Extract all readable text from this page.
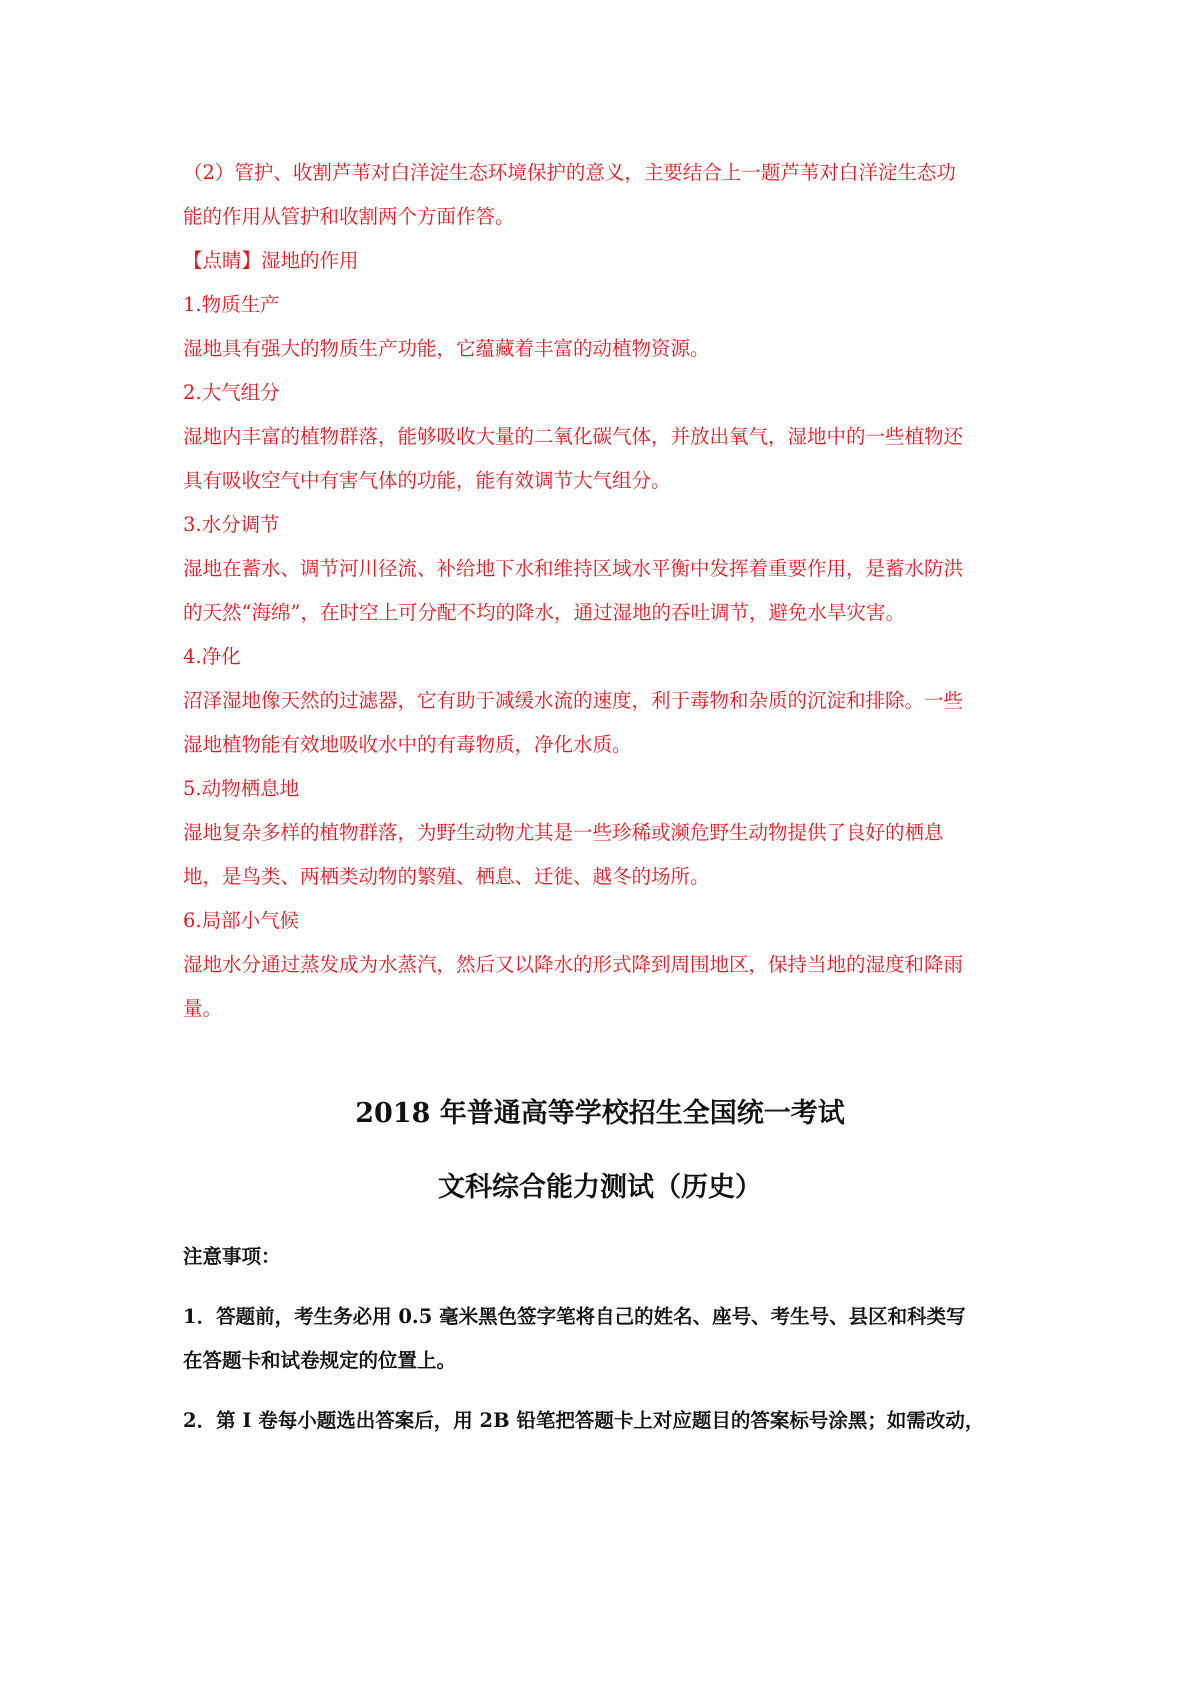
（2）管护、收割芦苇对白洋淀生态环境保护的意义，主要结合上一题芦苇对白洋淀生态功
能的作用从管护和收割两个方面作答。
【点睛】湿地的作用
1.物质生产
湿地具有强大的物质生产功能，它蕴藏着丰富的动植物资源。
2.大气组分
湿地内丰富的植物群落，能够吸收大量的二氧化碳气体，并放出氧气，湿地中的一些植物还
具有吸收空气中有害气体的功能，能有效调节大气组分。
3.水分调节
湿地在蓄水、调节河川径流、补给地下水和维持区域水平衡中发挥着重要作用，是蓄水防洪
的天然“海绵”，在时空上可分配不均的降水，通过湿地的吞吐调节，避免水旱灾害。
4.净化
沼泽湿地像天然的过滤器，它有助于减缓水流的速度，利于毒物和杂质的沉淀和排除。一些
湿地植物能有效地吸收水中的有毒物质，净化水质。
5.动物栖息地
湿地复杂多样的植物群落，为野生动物尤其是一些珍稀或濒危野生动物提供了良好的栖息
地，是鸟类、两栖类动物的繁殖、栖息、迁徙、越冬的场所。
6.局部小气候
湿地水分通过蒸发成为水蒸汽，然后又以降水的形式降到周围地区，保持当地的湿度和降雨
量。
2018 年普通高等学校招生全国统一考试
文科综合能力测试（历史）
注意事项：
1．答题前，考生务必用 0.5 毫米黑色签字笔将自己的姓名、座号、考生号、县区和科类写
在答题卡和试卷规定的位置上。
2．第 I 卷每小题选出答案后，用 2B 铅笔把答题卡上对应题目的答案标号涂黑；如需改动，
